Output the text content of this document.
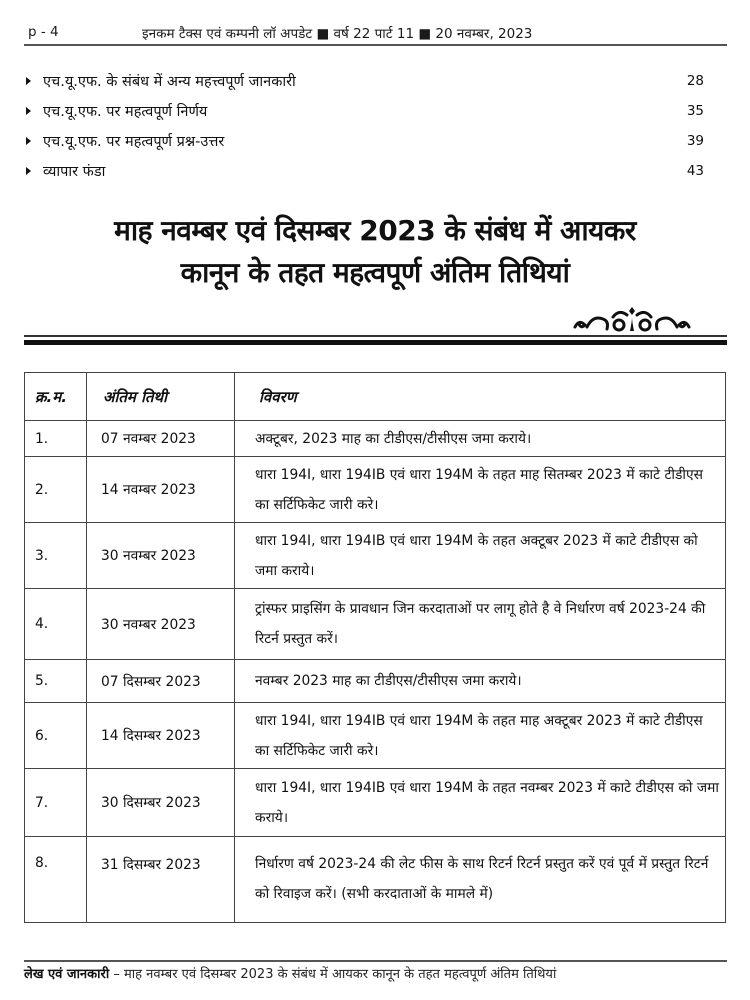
p - 4	इनकम टैक्स एवं कम्पनी लॉ अपडेट ■ वर्ष 22 पार्ट 11 ■ 20 नवम्बर, 2023
एच.यू.एफ. के संबंध में अन्य महत्त्वपूर्ण जानकारी	28
एच.यू.एफ. पर महत्वपूर्ण निर्णय	35
एच.यू.एफ. पर महत्वपूर्ण प्रश्न-उत्तर	39
व्यापार फंडा	43
माह नवम्बर एवं दिसम्बर 2023 के संबंध में आयकर
कानून के तहत महत्वपूर्ण अंतिम तिथियां
क्र.म.	अंतिम तिथी	विवरण
1.	07 नवम्बर 2023	अक्टूबर, 2023 माह का टीडीएस/टीसीएस जमा कराये।
2.	14 नवम्बर 2023	धारा 194I, धारा 194IB एवं धारा 194M के तहत माह सितम्बर 2023 में काटे टीडीएस का सर्टिफिकेट जारी करे।
3.	30 नवम्बर 2023	धारा 194I, धारा 194IB एवं धारा 194M के तहत अक्टूबर 2023 में काटे टीडीएस को जमा कराये।
4.	30 नवम्बर 2023	ट्रांस्फर प्राइसिंग के प्रावधान जिन करदाताओं पर लागू होते है वे निर्धारण वर्ष 2023-24 की रिटर्न प्रस्तुत करें।
5.	07 दिसम्बर 2023	नवम्बर 2023 माह का टीडीएस/टीसीएस जमा कराये।
6.	14 दिसम्बर 2023	धारा 194I, धारा 194IB एवं धारा 194M के तहत माह अक्टूबर 2023 में काटे टीडीएस का सर्टिफिकेट जारी करे।
7.	30 दिसम्बर 2023	धारा 194I, धारा 194IB एवं धारा 194M के तहत नवम्बर 2023 में काटे टीडीएस को जमा कराये।
8.	31 दिसम्बर 2023	निर्धारण वर्ष 2023-24 की लेट फीस के साथ रिटर्न रिटर्न प्रस्तुत करें एवं पूर्व में प्रस्तुत रिटर्न को रिवाइज करें। (सभी करदाताओं के मामले में)
लेख एवं जानकारी – माह नवम्बर एवं दिसम्बर 2023 के संबंध में आयकर कानून के तहत महत्वपूर्ण अंतिम तिथियां
